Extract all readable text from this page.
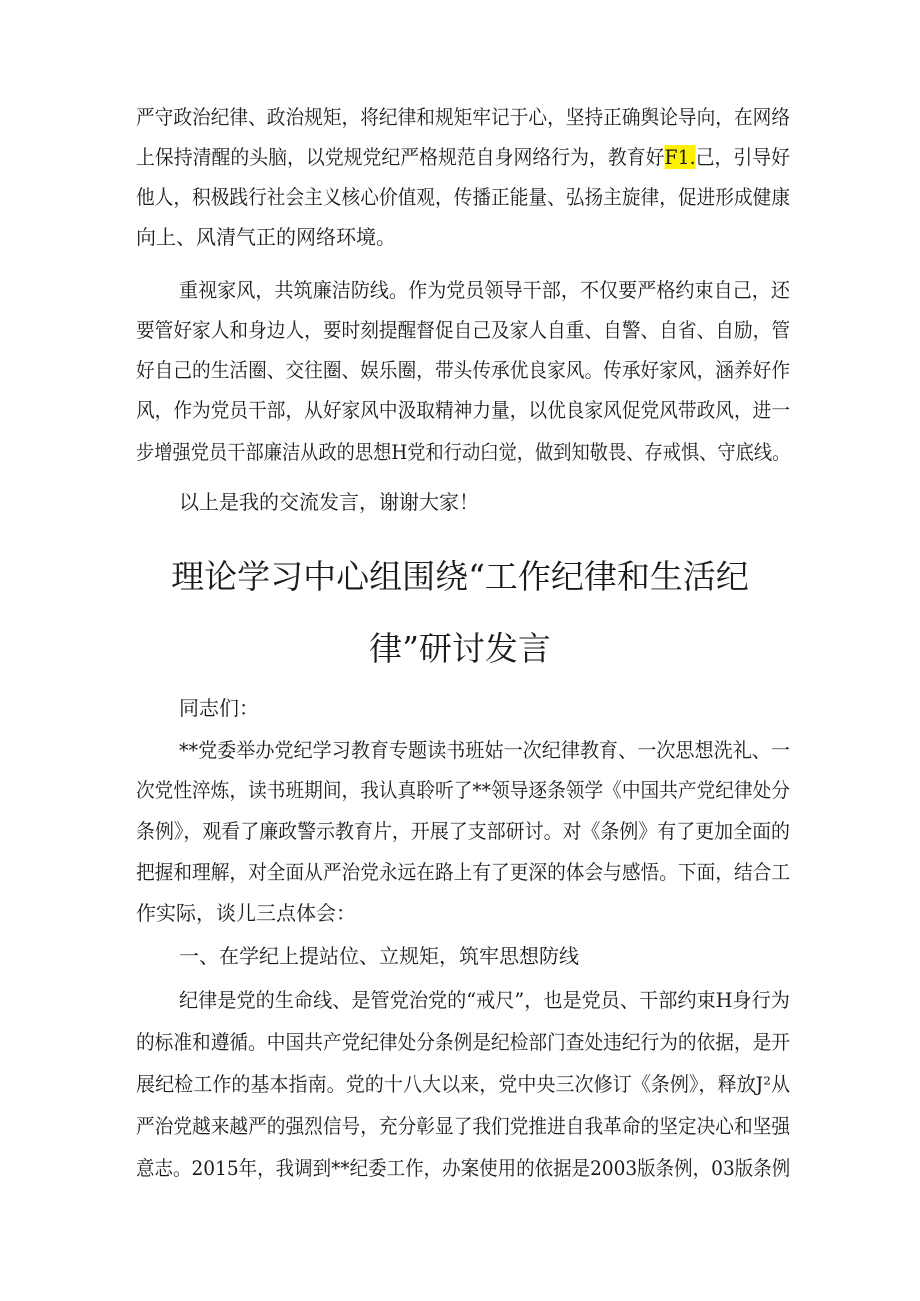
严守政治纪律、政治规矩，将纪律和规矩牢记于心，坚持正确舆论导向，在网络
上保持清醒的头脑，以党规党纪严格规范自身网络行为，教育好F1.己，引导好
他人，积极践行社会主义核心价值观，传播正能量、弘扬主旋律，促进形成健康
向上、风清气正的网络环境。
重视家风，共筑廉洁防线。作为党员领导干部，不仅要严格约束自己，还
要管好家人和身边人，要时刻提醒督促自己及家人自重、自警、自省、自励，管
好自己的生活圈、交往圈、娱乐圈，带头传承优良家风。传承好家风，涵养好作
风，作为党员干部，从好家风中汲取精神力量，以优良家风促党风带政风，进一
步增强党员干部廉洁从政的思想H党和行动臼觉，做到知敬畏、存戒惧、守底线。
以上是我的交流发言，谢谢大家！
理论学习中心组围绕“工作纪律和生活纪
律”研讨发言
同志们：
**党委举办党纪学习教育专题读书班姑一次纪律教育、一次思想洗礼、一
次党性淬炼，读书班期间，我认真聆听了**领导逐条领学《中国共产党纪律处分
条例》，观看了廉政警示教育片，开展了支部研讨。对《条例》有了更加全面的
把握和理解，对全面从严治党永远在路上有了更深的体会与感悟。下面，结合工
作实际，谈儿三点体会：
一、在学纪上提站位、立规矩，筑牢思想防线
纪律是党的生命线、是管党治党的“戒尺”，也是党员、干部约束H身行为
的标准和遵循。中国共产党纪律处分条例是纪检部门查处违纪行为的依据，是开
展纪检工作的基本指南。党的十八大以来，党中央三次修订《条例》，释放J²从
严治党越来越严的强烈信号，充分彰显了我们党推进自我革命的坚定决心和坚强
意志。2015年，我调到**纪委工作，办案使用的依据是2003版条例，03版条例
